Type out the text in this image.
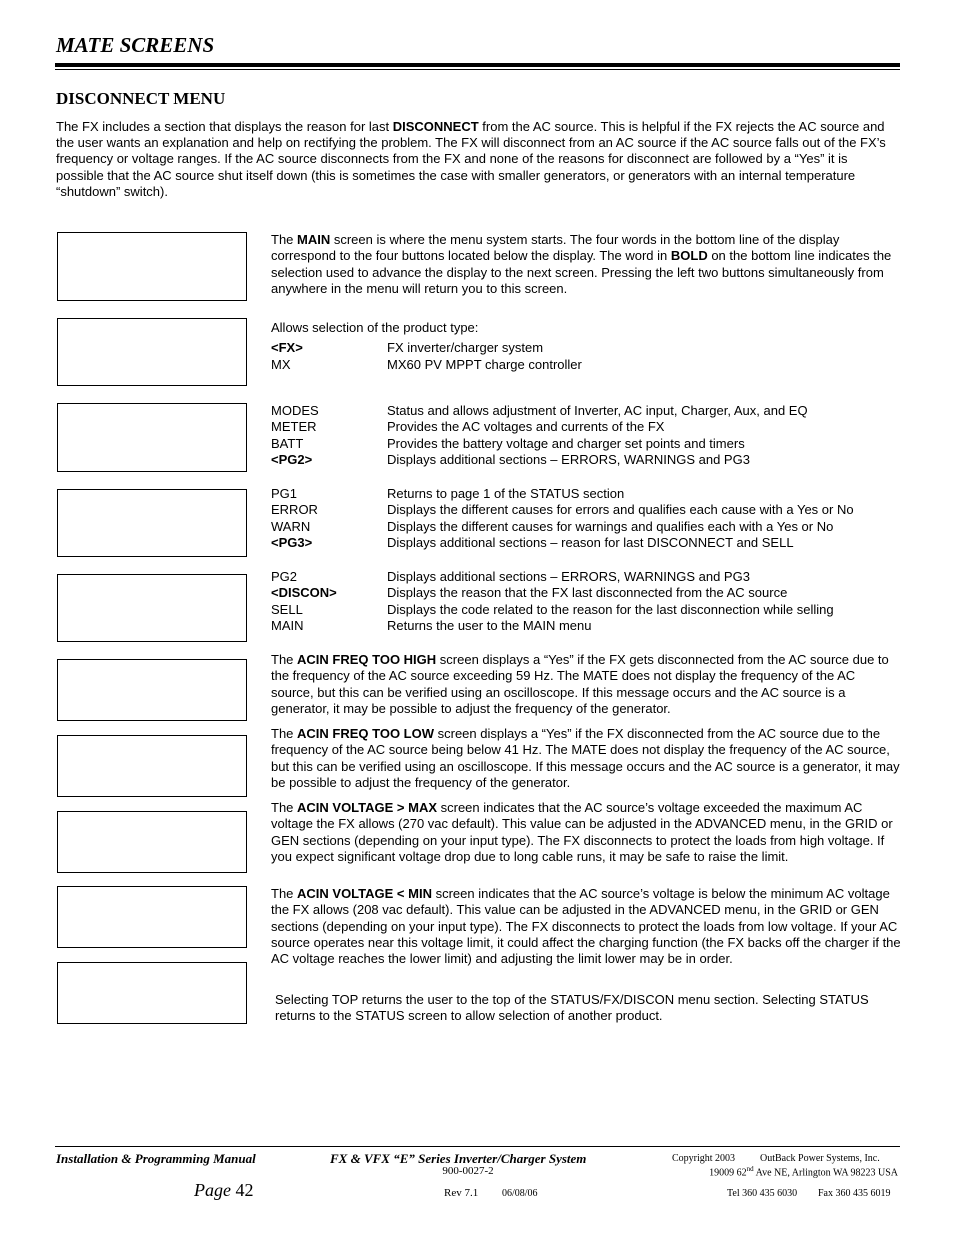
MATE SCREENS
DISCONNECT MENU
The FX includes a section that displays the reason for last DISCONNECT from the AC source. This is helpful if the FX rejects the AC source and the user wants an explanation and help on rectifying the problem. The FX will disconnect from an AC source if the AC source falls out of the FX’s frequency or voltage ranges. If the AC source disconnects from the FX and none of the reasons for disconnect are followed by a “Yes” it is possible that the AC source shut itself down (this is sometimes the case with smaller generators, or generators with an internal temperature “shutdown” switch).
The MAIN screen is where the menu system starts. The four words in the bottom line of the display correspond to the four buttons located below the display. The word in BOLD on the bottom line indicates the selection used to advance the display to the next screen. Pressing the left two buttons simultaneously from anywhere in the menu will return you to this screen.
Allows selection of the product type:
<FX>	FX inverter/charger system
MX	MX60 PV MPPT charge controller
MODES	Status and allows adjustment of Inverter, AC input, Charger, Aux, and EQ
METER	Provides the AC voltages and currents of the FX
BATT	Provides the battery voltage and charger set points and timers
<PG2>	Displays additional sections – ERRORS, WARNINGS and PG3
PG1	Returns to page 1 of the STATUS section
ERROR	Displays the different causes for errors and qualifies each cause with a Yes or No
WARN	Displays the different causes for warnings and qualifies each with a Yes or No
<PG3>	Displays additional sections – reason for last DISCONNECT and SELL
PG2	Displays additional sections – ERRORS, WARNINGS and PG3
<DISCON>	Displays the reason that the FX last disconnected from the AC source
SELL	Displays the code related to the reason for the last disconnection while selling
MAIN	Returns the user to the MAIN menu
The ACIN FREQ TOO HIGH screen displays a “Yes” if the FX gets disconnected from the AC source due to the frequency of the AC source exceeding 59 Hz. The MATE does not display the frequency of the AC source, but this can be verified using an oscilloscope. If this message occurs and the AC source is a generator, it may be possible to adjust the frequency of the generator.
The ACIN FREQ TOO LOW screen displays a “Yes” if the FX disconnected from the AC source due to the frequency of the AC source being below 41 Hz. The MATE does not display the frequency of the AC source, but this can be verified using an oscilloscope. If this message occurs and the AC source is a generator, it may be possible to adjust the frequency of the generator.
The ACIN VOLTAGE > MAX screen indicates that the AC source’s voltage exceeded the maximum AC voltage the FX allows (270 vac default). This value can be adjusted in the ADVANCED menu, in the GRID or GEN sections (depending on your input type). The FX disconnects to protect the loads from high voltage. If you expect significant voltage drop due to long cable runs, it may be safe to raise the limit.
The ACIN VOLTAGE < MIN screen indicates that the AC source’s voltage is below the minimum AC voltage the FX allows (208 vac default). This value can be adjusted in the ADVANCED menu, in the GRID or GEN sections (depending on your input type). The FX disconnects to protect the loads from low voltage. If your AC source operates near this voltage limit, it could affect the charging function (the FX backs off the charger if the AC voltage reaches the lower limit) and adjusting the limit lower may be in order.
Selecting TOP returns the user to the top of the STATUS/FX/DISCON menu section. Selecting STATUS returns to the STATUS screen to allow selection of another product.
Installation & Programming Manual	FX & VFX “E” Series Inverter/Charger System
900-0027-2
Page 42	Rev 7.1 06/08/06
Copyright 2003 OutBack Power Systems, Inc.
19009 62nd Ave NE, Arlington WA 98223 USA
Tel 360 435 6030 Fax 360 435 6019
